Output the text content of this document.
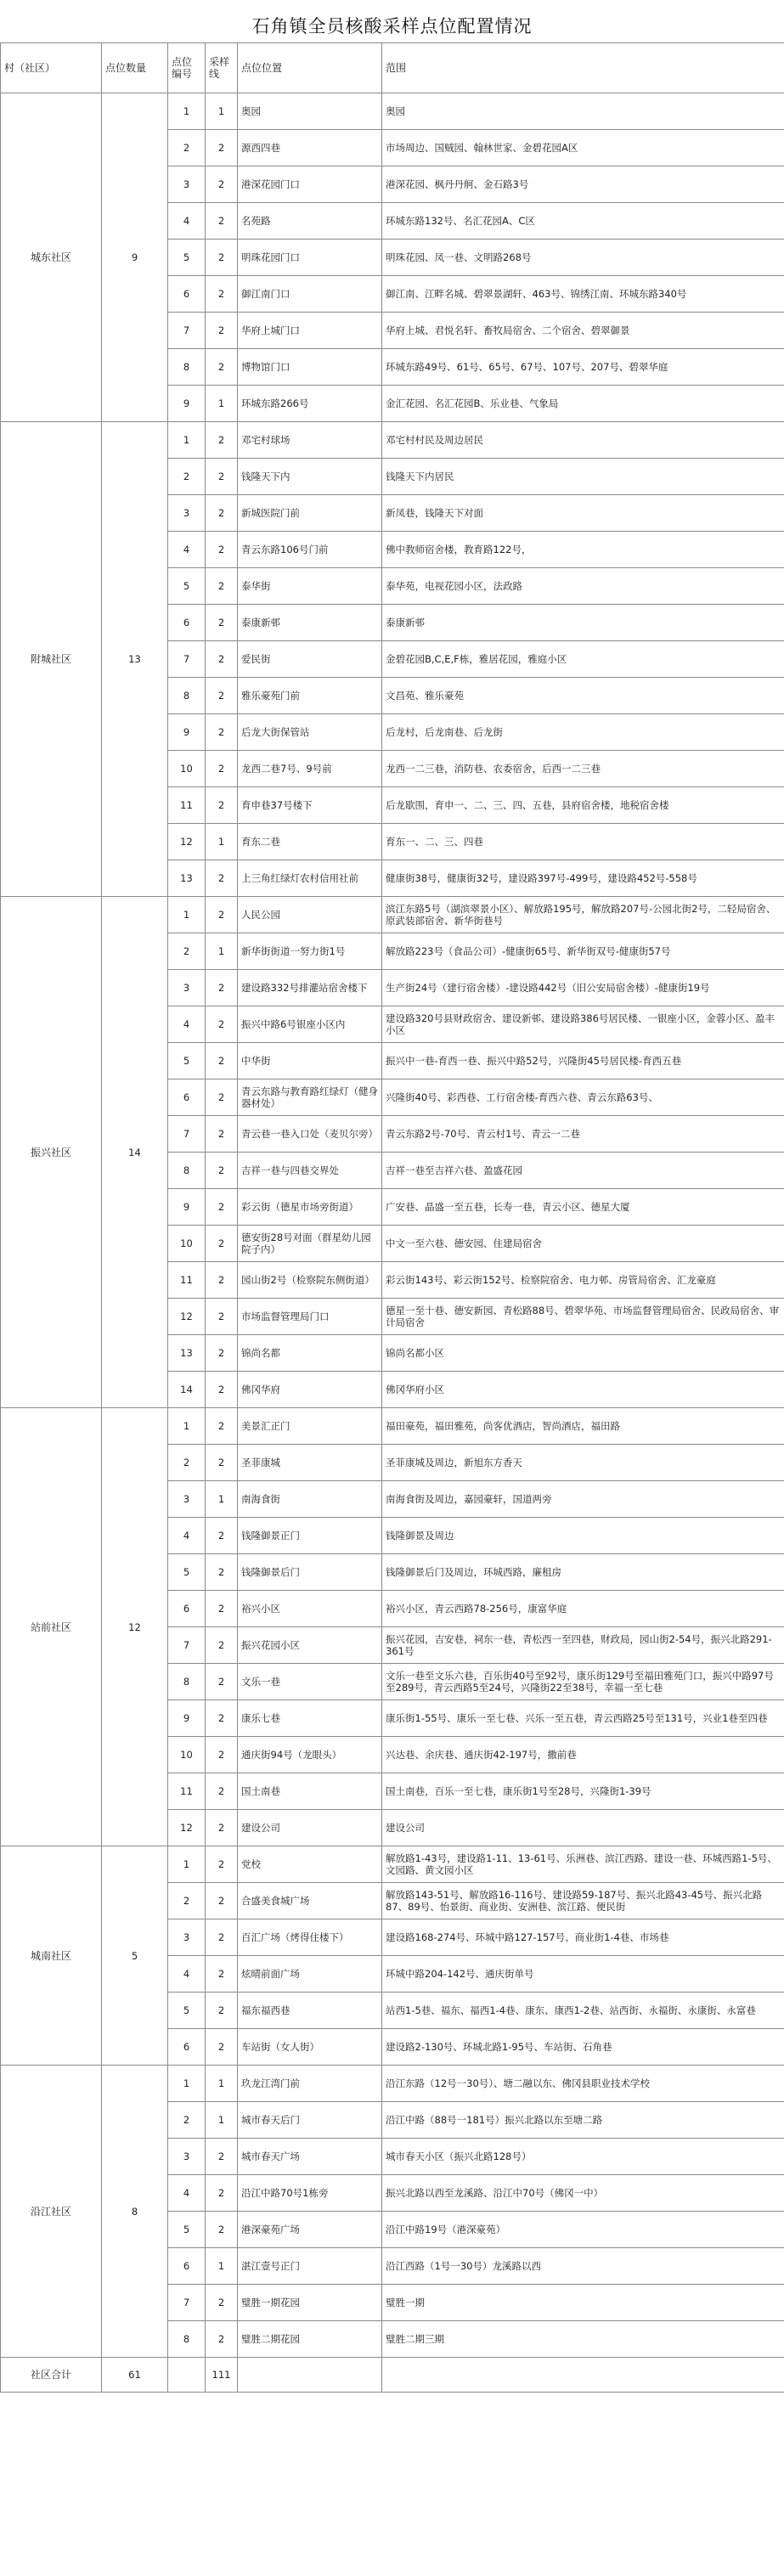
石角镇全员核酸采样点位配置情况
村（社区）	点位数量	点位编号	采样线	点位位置	范围
城东社区	9	1	1	奥园	奥园
		2	2	源西四巷	市场周边、国贼园、翰林世家、金碧花园A区
		3	2	港深花园门口	港深花园、枫丹丹舸、金石路3号
		4	2	名苑路	环城东路132号、名汇花园A、C区
		5	2	明珠花园门口	明珠花园、凤一巷、文明路268号
		6	2	御江南门口	御江南、江畔名城、碧翠景湖轩、463号、锦绣江南、环城东路340号
		7	2	华府上城门口	华府上城、君悦名轩、畜牧局宿舍、二个宿舍、碧翠御景
		8	2	博物馆门口	环城东路49号、61号、65号、67号、107号、207号、碧翠华庭
		9	1	环城东路266号	金汇花园、名汇花园B、乐业巷、气象局
附城社区	13	1	2	邓宅村球场	邓宅村村民及周边居民
		2	2	钱隆天下内	钱隆天下内居民
		3	2	新城医院门前	新凤巷，钱隆天下对面
		4	2	青云东路106号门前	佛中教师宿舍楼，教育路122号，
		5	2	泰华街	泰华苑，电视花园小区，法政路
		6	2	泰康新邨	泰康新邨
		7	2	爱民街	金碧花园B,C,E,F栋，雅居花园，雅庭小区
		8	2	雅乐豪苑门前	文昌苑、雅乐豪苑
		9	2	后龙大街保管站	后龙村，后龙南巷、后龙街
		10	2	龙西二巷7号、9号前	龙西一二三巷，消防巷、农委宿舍，后西一二三巷
		11	2	育申巷37号楼下	后龙歇围，育申一、二、三、四、五巷，县府宿舍楼，地税宿舍楼
		12	1	育东二巷	育东一、二、三、四巷
		13	2	上三角红绿灯农村信用社前	健康街38号，健康街32号，建设路397号-499号，建设路452号-558号
振兴社区	14	1	2	人民公园	滨江东路5号（湖滨翠景小区）、解放路195号，解放路207号-公园北街2号，二轻局宿舍、原武装部宿舍、新华街巷号
		2	1	新华街街道一努力街1号	解放路223号（食品公司）-健康街65号、新华街双号-健康街57号
		3	2	建设路332号排灌站宿舍楼下	生产街24号（建行宿舍楼）-建设路442号（旧公安局宿舍楼）-健康街19号
		4	2	振兴中路6号银座小区内	建设路320号县财政宿舍、建设新邨、建设路386号居民楼、一银座小区，金蓉小区、盈丰小区
		5	2	中华街	振兴中一巷-育西一巷、振兴中路52号，兴隆街45号居民楼-育西五巷
		6	2	青云东路与教育路红绿灯（健身器材处）	兴隆街40号、彩西巷、工行宿舍楼-育西六巷、青云东路63号、
		7	2	青云巷一巷入口处（麦贝尔旁）	青云东路2号-70号、青云村1号、青云一二巷
		8	2	吉祥一巷与四巷交界处	吉祥一巷至吉祥六巷、盈盛花园
		9	2	彩云街（德星市场旁街道）	广安巷、晶盛一至五巷，长寿一巷，青云小区、德星大厦
		10	2	德安街28号对面（群星幼儿园院子内）	中文一至六巷、德安园、住建局宿舍
		11	2	园山街2号（检察院东侧街道）	彩云街143号、彩云街152号、检察院宿舍、电力邨、房管局宿舍、汇龙豪庭
		12	2	市场监督管理局门口	德星一至十巷、德安新园、青松路88号、碧翠华苑、市场监督管理局宿舍、民政局宿舍、审计局宿舍
		13	2	锦尚名都	锦尚名都小区
		14	2	佛冈华府	佛冈华府小区
站前社区	12	1	2	美景汇正门	福田豪苑，福田雅苑，尚客优酒店，智尚酒店，福田路
		2	2	圣菲康城	圣菲康城及周边，新旭东方香天
		3	1	南海食街	南海食街及周边，嘉园豪轩，国道两旁
		4	2	钱隆御景正门	钱隆御景及周边
		5	2	钱隆御景后门	钱隆御景后门及周边，环城西路，廉租房
		6	2	裕兴小区	裕兴小区，青云西路78-256号，康富华庭
		7	2	振兴花园小区	振兴花园，吉安巷，祠东一巷，青松西一至四巷，财政局，园山街2-54号，振兴北路291-361号
		8	2	文乐一巷	文乐一巷至文乐六巷，百乐街40号至92号，康乐街129号至福田雅苑门口，振兴中路97号至289号，青云西路5至24号，兴隆街22至38号，幸福一至七巷
		9	2	康乐七巷	康乐街1-55号、康乐一至七巷、兴乐一至五巷，青云西路25号至131号，兴业1巷至四巷
		10	2	通庆街94号（龙眼头）	兴达巷、余庆巷、通庆街42-197号，撒前巷
		11	2	国土南巷	国土南巷，百乐一至七巷，康乐街1号至28号，兴隆街1-39号
		12	2	建设公司	建设公司
城南社区	5	1	2	党校	解放路1-43号，建设路1-11、13-61号、乐洲巷、滨江西路、建设一巷、环城西路1-5号、文园路、黄文园小区
		2	2	合盛美食城广场	解放路143-51号、解放路16-116号、建设路59-187号、振兴北路43-45号、振兴北路87、89号、怡景街、商业街、安洲巷、滨江路、便民街
		3	2	百汇广场（烤得住楼下）	建设路168-274号、环城中路127-157号、商业街1-4巷、市场巷
		4	2	炫晴前面广场	环城中路204-142号、通庆街单号
		5	2	福东福西巷	站西1-5巷、福东、福西1-4巷、康东、康西1-2巷、站西街、永福街、永康街、永富巷
		6	2	车站街（女人街）	建设路2-130号、环城北路1-95号、车站街、石角巷
沿江社区	8	1	1	玖龙江湾门前	沿江东路（12号一30号）、塘二融以东、佛冈县职业技术学校
		2	1	城市春天后门	沿江中路（88号一181号）振兴北路以东至塘二路
		3	2	城市春天广场	城市春天小区（振兴北路128号）
		4	2	沿江中路70号1栋旁	振兴北路以西至龙溪路、沿江中70号（佛冈一中）
		5	2	港深豪苑广场	沿江中路19号（港深豪苑）
		6	1	湛江壹号正门	沿江西路（1号一30号）龙溪路以西
		7	2	璧胜一期花园	璧胜一期
		8	2	璧胜二期花园	璧胜二期三期
社区合计	61		111		
